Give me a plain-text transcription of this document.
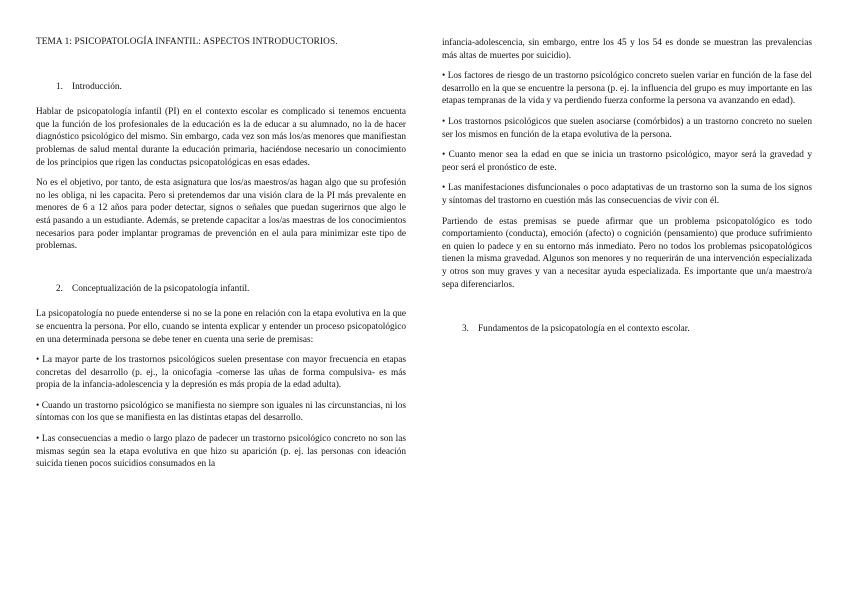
TEMA 1: PSICOPATOLOGÍA INFANTIL: ASPECTOS INTRODUCTORIOS.
1. Introducción.

Hablar de psicopatología infantil (PI) en el contexto escolar es complicado si tenemos encuenta que la función de los profesionales de la educación es la de educar a su alumnado, no la de hacer diagnóstico psicológico del mismo. Sin embargo, cada vez son más los/as menores que manifiestan problemas de salud mental durante la educación primaria, haciéndose necesario un conocimiento de los principios que rigen las conductas psicopatológicas en esas edades.

No es el objetivo, por tanto, de esta asignatura que los/as maestros/as hagan algo que su profesión no les obliga, ni les capacita. Pero si pretendemos dar una visión clara de la PI más prevalente en menores de 6 a 12 años para poder detectar, signos o señales que puedan sugerirnos que algo le está pasando a un estudiante. Además, se pretende capacitar a los/as maestras de los conocimientos necesarios para poder implantar programas de prevención en el aula para minimizar este tipo de problemas.

2. Conceptualización de la psicopatología infantil.

La psicopatología no puede entenderse si no se la pone en relación con la etapa evolutiva en la que se encuentra la persona. Por ello, cuando se intenta explicar y entender un proceso psicopatológico en una determinada persona se debe tener en cuenta una serie de premisas:

• La mayor parte de los trastornos psicológicos suelen presentase con mayor frecuencia en etapas concretas del desarrollo (p. ej., la onicofagia -comerse las uñas de forma compulsiva- es más propia de la infancia-adolescencia y la depresión es más propia de la edad adulta).
• Cuando un trastorno psicológico se manifiesta no siempre son iguales ni las circunstancias, ni los síntomas con los que se manifiesta en las distintas etapas del desarrollo.
• Las consecuencias a medio o largo plazo de padecer un trastorno psicológico concreto no son las mismas según sea la etapa evolutiva en que hizo su aparición (p. ej. las personas con ideación suicida tienen pocos suicidios consumados en la

infancia-adolescencia, sin embargo, entre los 45 y los 54 es donde se muestran las prevalencias más altas de muertes por suicidio).

• Los factores de riesgo de un trastorno psicológico concreto suelen variar en función de la fase del desarrollo en la que se encuentre la persona (p. ej. la influencia del grupo es muy importante en las etapas tempranas de la vida y va perdiendo fuerza conforme la persona va avanzando en edad).
• Los trastornos psicológicos que suelen asociarse (comórbidos) a un trastorno concreto no suelen ser los mismos en función de la etapa evolutiva de la persona.
• Cuanto menor sea la edad en que se inicia un trastorno psicológico, mayor será la gravedad y peor será el pronóstico de este.
• Las manifestaciones disfuncionales o poco adaptativas de un trastorno son la suma de los signos y síntomas del trastorno en cuestión más las consecuencias de vivir con él.

Partiendo de estas premisas se puede afirmar que un problema psicopatológico es todo comportamiento (conducta), emoción (afecto) o cognición (pensamiento) que produce sufrimiento en quien lo padece y en su entorno más inmediato. Pero no todos los problemas psicopatológicos tienen la misma gravedad. Algunos son menores y no requerirán de una intervención especializada y otros son muy graves y van a necesitar ayuda especializada. Es importante que un/a maestro/a sepa diferenciarlos.

3. Fundamentos de la psicopatología en el contexto escolar.
